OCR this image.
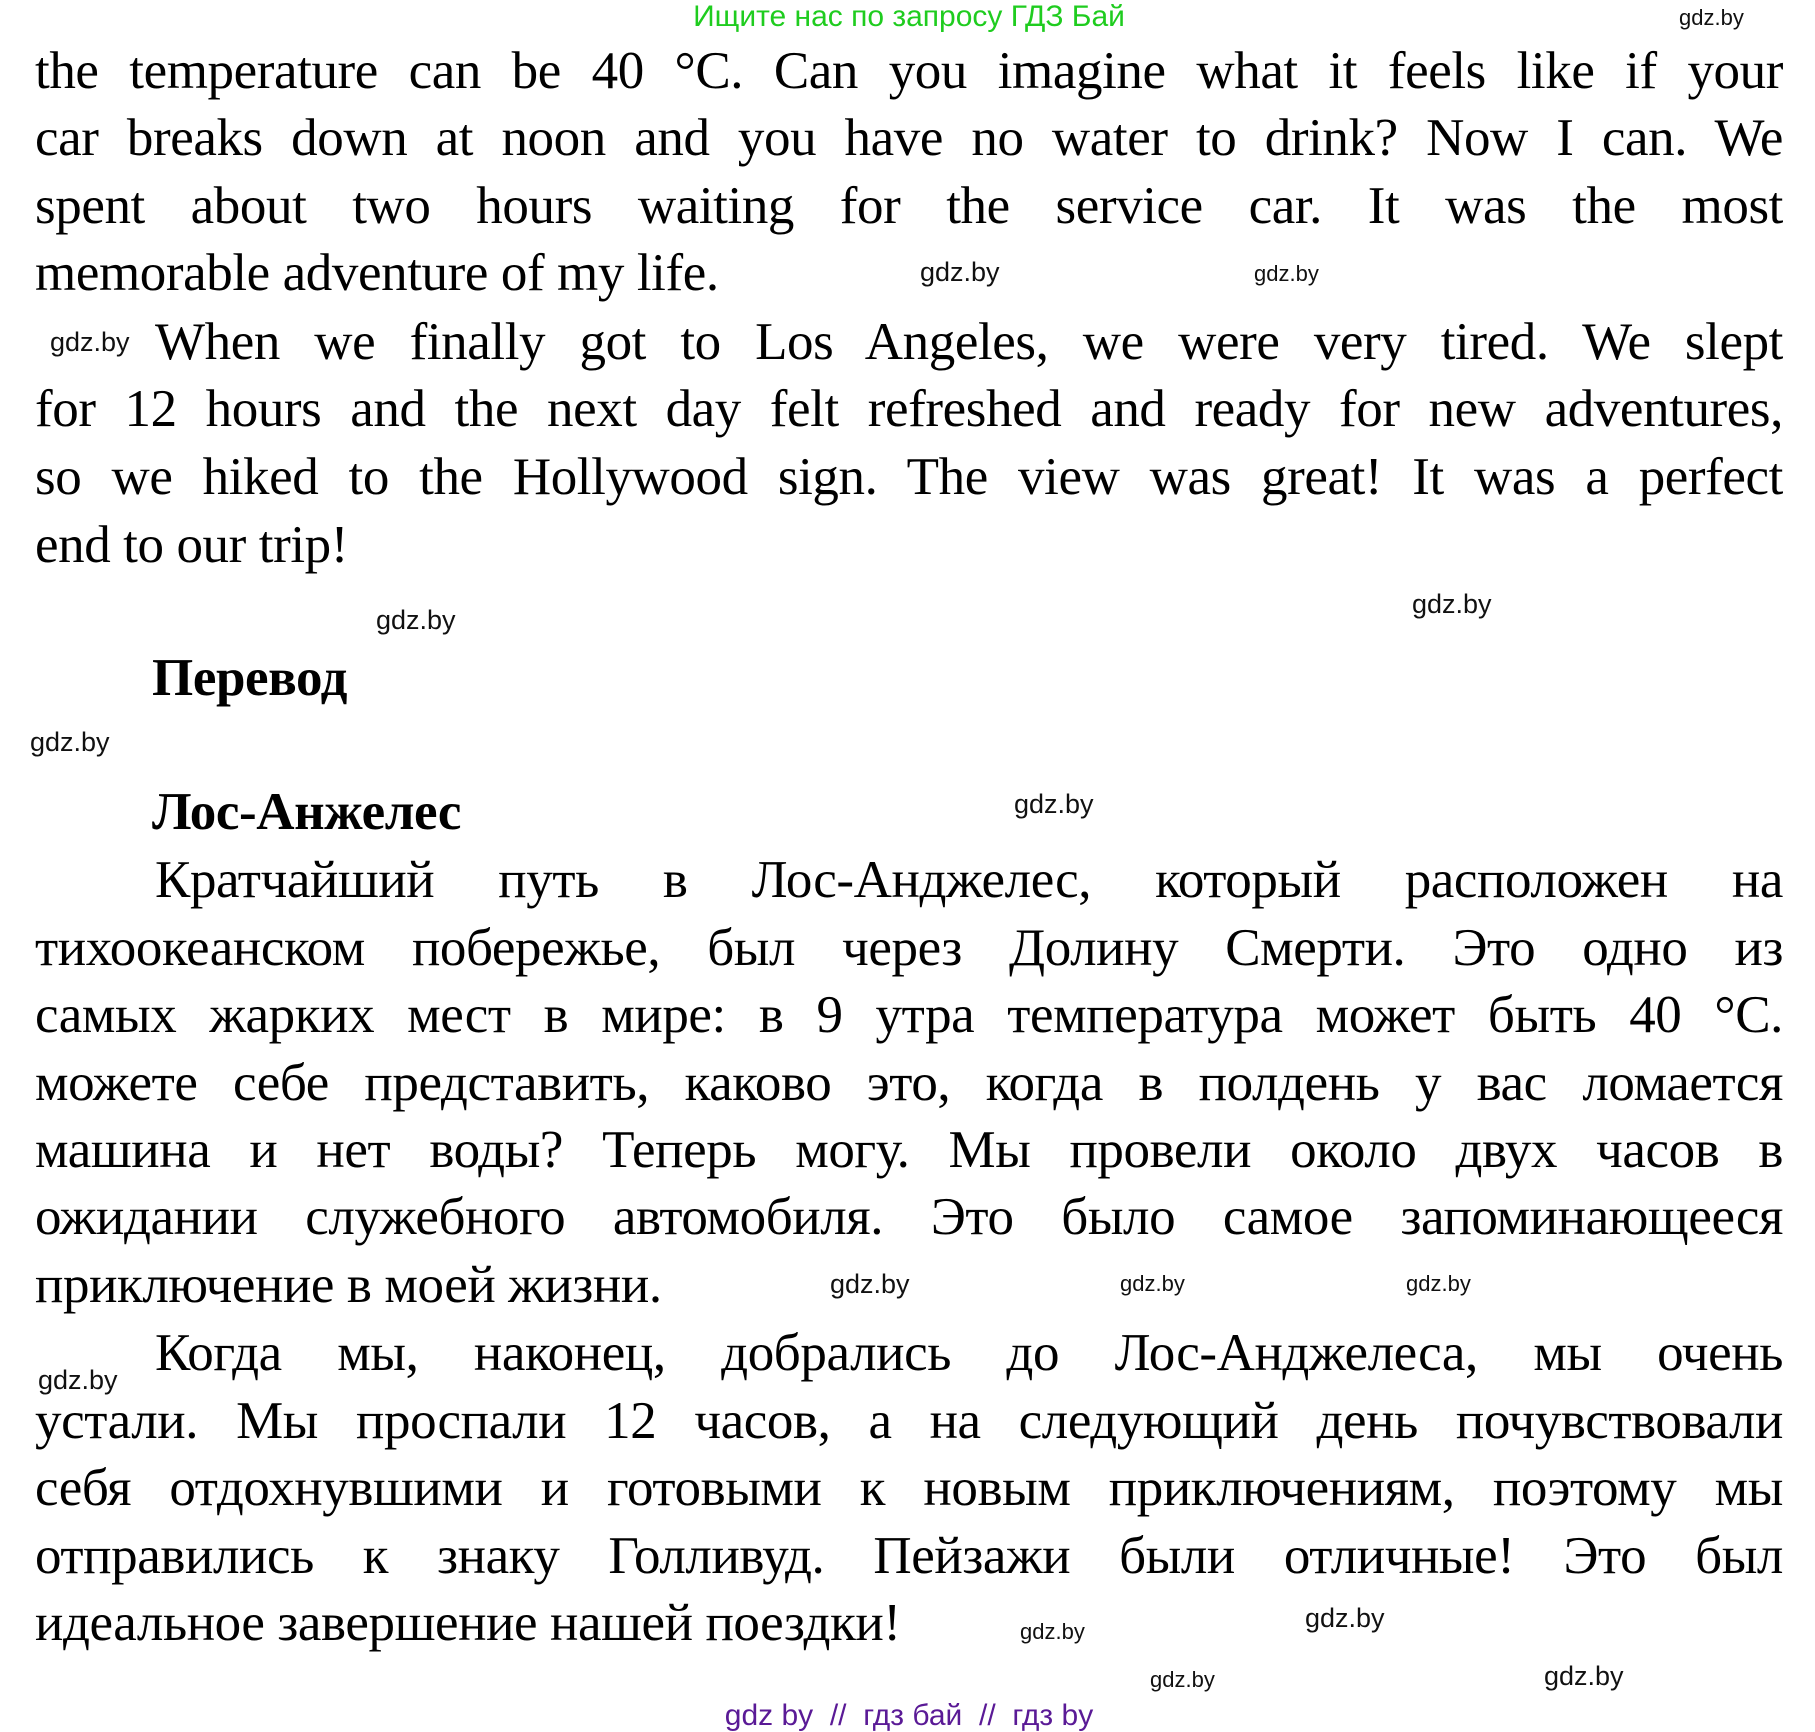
Ищите нас по запросу ГДЗ Бай
the temperature can be 40 °C. Can you imagine what it feels like if your
car breaks down at noon and you have no water to drink? Now I can. We
spent about two hours waiting for the service car. It was the most
memorable adventure of my life.
When we finally got to Los Angeles, we were very tired. We slept
for 12 hours and the next day felt refreshed and ready for new adventures,
so we hiked to the Hollywood sign. The view was great! It was a perfect
end to our trip!
Перевод
Лос-Анжелес
Кратчайший путь в Лос-Анджелес, который расположен на
тихоокеанском побережье, был через Долину Смерти. Это одно из
самых жарких мест в мире: в 9 утра температура может быть 40 °С.
можете себе представить, каково это, когда в полдень у вас ломается
машина и нет воды? Теперь могу. Мы провели около двух часов в
ожидании служебного автомобиля. Это было самое запоминающееся
приключение в моей жизни.
Когда мы, наконец, добрались до Лос-Анджелеса, мы очень
устали. Мы проспали 12 часов, а на следующий день почувствовали
себя отдохнувшими и готовыми к новым приключениям, поэтому мы
отправились к знаку Голливуд. Пейзажи были отличные! Это был
идеальное завершение нашей поездки!
gdz.by
gdz.by
gdz.by
gdz.by
gdz.by
gdz.by
gdz.by
gdz.by
gdz.by
gdz.by
gdz.by
gdz.by
gdz.by
gdz.by
gdz.by
gdz.by
gdz by  //  гдз бай  //  гдз by
